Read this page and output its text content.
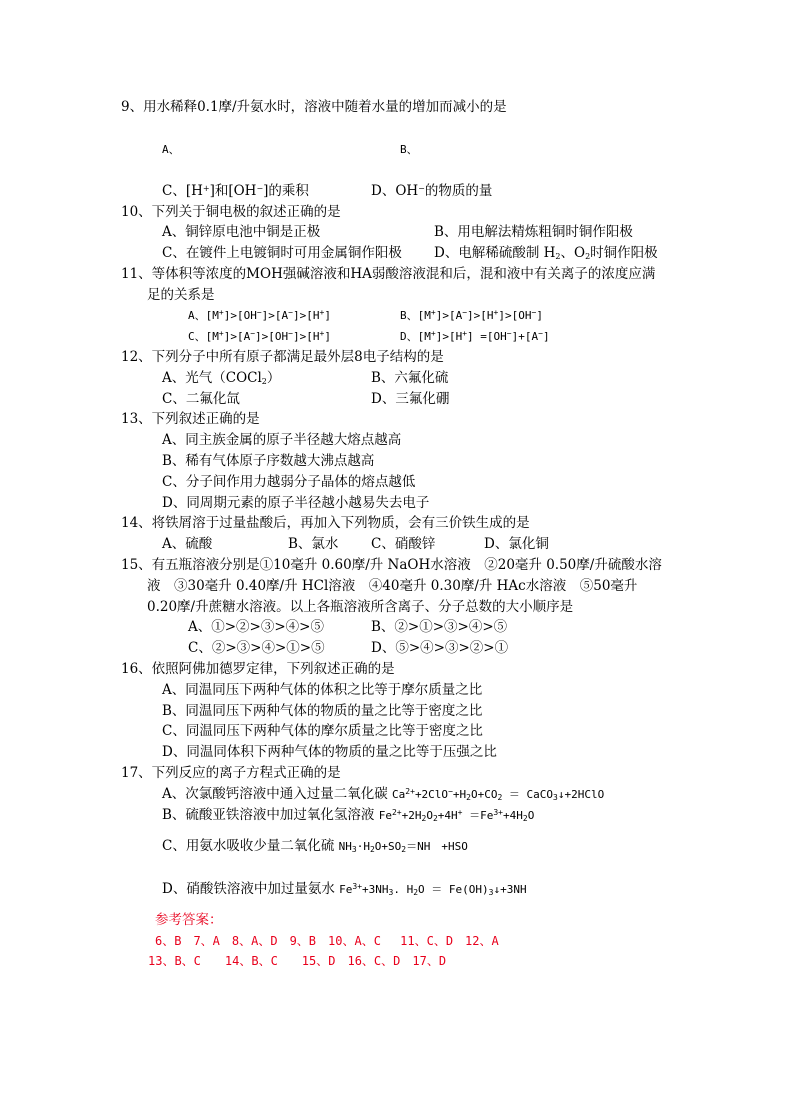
9、用水稀释0.1摩/升氨水时，溶液中随着水量的增加而减小的是
A、	B、
C、[H+]和[OH−]的乘积	D、OH−的物质的量
10、下列关于铜电极的叙述正确的是
A、铜锌原电池中铜是正极	B、用电解法精炼粗铜时铜作阳极
C、在镀件上电镀铜时可用金属铜作阳极 D、电解稀硫酸制 $H_2$、$O_2$时铜作阳极
11、等体积等浓度的MOH强碱溶液和HA弱酸溶液混和后，混和液中有关离子的浓度应满
足的关系是
A、[M+]>[OH−]>[A−]>[H+]	B、[M+]>[A−]>[H+]>[OH−]
C、[M+]>[A−]>[OH−]>[H+]	D、[M+]>[H+] =[OH−]+[A−]
12、下列分子中所有原子都满足最外层8电子结构的是
A、光气（COCl$_2$）	B、六氟化硫
C、二氟化氙	D、三氟化硼
13、下列叙述正确的是
A、同主族金属的原子半径越大熔点越高
B、稀有气体原子序数越大沸点越高
C、分子间作用力越弱分子晶体的熔点越低
D、同周期元素的原子半径越小越易失去电子
14、将铁屑溶于过量盐酸后，再加入下列物质，会有三价铁生成的是
A、硫酸	B、氯水 C、硝酸锌	D、氯化铜
15、有五瓶溶液分别是①10毫升 0.60摩/升 NaOH水溶液　②20毫升 0.50摩/升硫酸水溶
液　③30毫升 0.40摩/升 HCl溶液　④40毫升 0.30摩/升 HAc水溶液　⑤50毫升
0.20摩/升蔗糖水溶液。以上各瓶溶液所含离子、分子总数的大小顺序是
A、①>②>③>④>⑤	B、②>①>③>④>⑤
C、②>③>④>①>⑤	D、⑤>④>③>②>①
16、依照阿佛加德罗定律，下列叙述正确的是
A、同温同压下两种气体的体积之比等于摩尔质量之比
B、同温同压下两种气体的物质的量之比等于密度之比
C、同温同压下两种气体的摩尔质量之比等于密度之比
D、同温同体积下两种气体的物质的量之比等于压强之比
17、下列反应的离子方程式正确的是
A、次氯酸钙溶液中通入过量二氧化碳 $Ca^{2+}+2ClO^-+H_2O+CO_2$ ＝ CaCO$_3$↓+2HClO
B、硫酸亚铁溶液中加过氧化氢溶液 $Fe^{2+}+2H_2O_2+4H^+ =Fe^{3+}+4H_2O$
C、用氨水吸收少量二氧化硫 $NH_3\cdot H_2O+SO_2=NH$　+HSO
D、硝酸铁溶液中加过量氨水 $Fe^{3+}+3NH_3$. $H_2O$ ＝ $Fe(OH)_3↓+3NH$
参考答案：
6、B　7、A　8、A、D　9、B　10、A、C　 11、C、D　12、A
13、B、C　　14、B、C　　15、D　16、C、D　17、D
